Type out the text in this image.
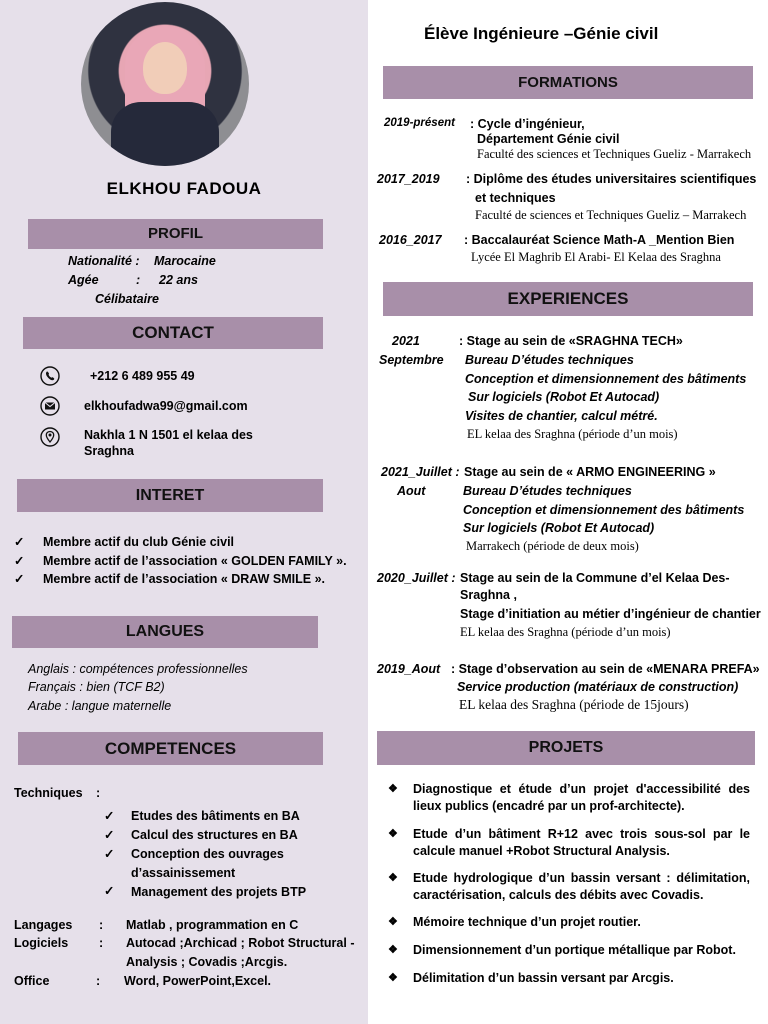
ELKHOU FADOUA
PROFIL
Nationalité : Marocaine
Agée	: 22 ans
Célibataire
CONTACT
+212 6 489 955 49
elkhoufadwa99@gmail.com
Nakhla 1 N 1501 el kelaa des
Sraghna
INTERET
✓ Membre actif du club Génie civil
✓ Membre actif de l’association « GOLDEN FAMILY ».
✓ Membre actif de l’association « DRAW SMILE ».
LANGUES
Anglais : compétences professionnelles
Français : bien (TCF B2)
Arabe : langue maternelle
COMPETENCES
Techniques :
✓ Etudes des bâtiments en BA
✓ Calcul des structures en BA
✓ Conception des ouvrages
d’assainissement
✓ Management des projets BTP
Langages : Matlab , programmation en C
Logiciels : Autocad ;Archicad ; Robot Structural -
Analysis ; Covadis ;Arcgis.
Office	: Word, PowerPoint,Excel.
Élève Ingénieure –Génie civil
FORMATIONS
2019-présent : Cycle d’ingénieur,
Département Génie civil
Faculté des sciences et Techniques Gueliz - Marrakech
2017_2019 : Diplôme des études universitaires scientifiques
et techniques
Faculté de sciences et Techniques Gueliz – Marrakech
2016_2017 : Baccalauréat Science Math-A _Mention Bien
Lycée El Maghrib El Arabi- El Kelaa des Sraghna
EXPERIENCES
2021
Septembre
: Stage au sein de «SRAGHNA TECH»
Bureau D’études techniques
Conception et dimensionnement des bâtiments
Sur logiciels (Robot Et Autocad)
Visites de chantier, calcul métré.
EL kelaa des Sraghna (période d’un mois)
2021_Juillet :
Aout
Stage au sein de « ARMO ENGINEERING »
Bureau D’études techniques
Conception et dimensionnement des bâtiments
Sur logiciels (Robot Et Autocad)
Marrakech (période de deux mois)
2020_Juillet : Stage au sein de la Commune d’el Kelaa Des-
Sraghna ,
Stage d’initiation au métier d’ingénieur de chantier
EL kelaa des Sraghna (période d’un mois)
2019_Aout : Stage d’observation au sein de «MENARA PREFA»
Service production (matériaux de construction)
EL kelaa des Sraghna (période de 15jours)
PROJETS
❖ Diagnostique et étude d’un projet d'accessibilité des lieux publics (encadré par un prof-architecte).
❖ Etude d’un bâtiment R+12 avec trois sous-sol par le calcule manuel +Robot Structural Analysis.
❖ Etude hydrologique d’un bassin versant : délimitation, caractérisation, calculs des débits avec Covadis.
❖ Mémoire technique d’un projet routier.
❖ Dimensionnement d’un portique métallique par Robot.
❖ Délimitation d’un bassin versant par Arcgis.
